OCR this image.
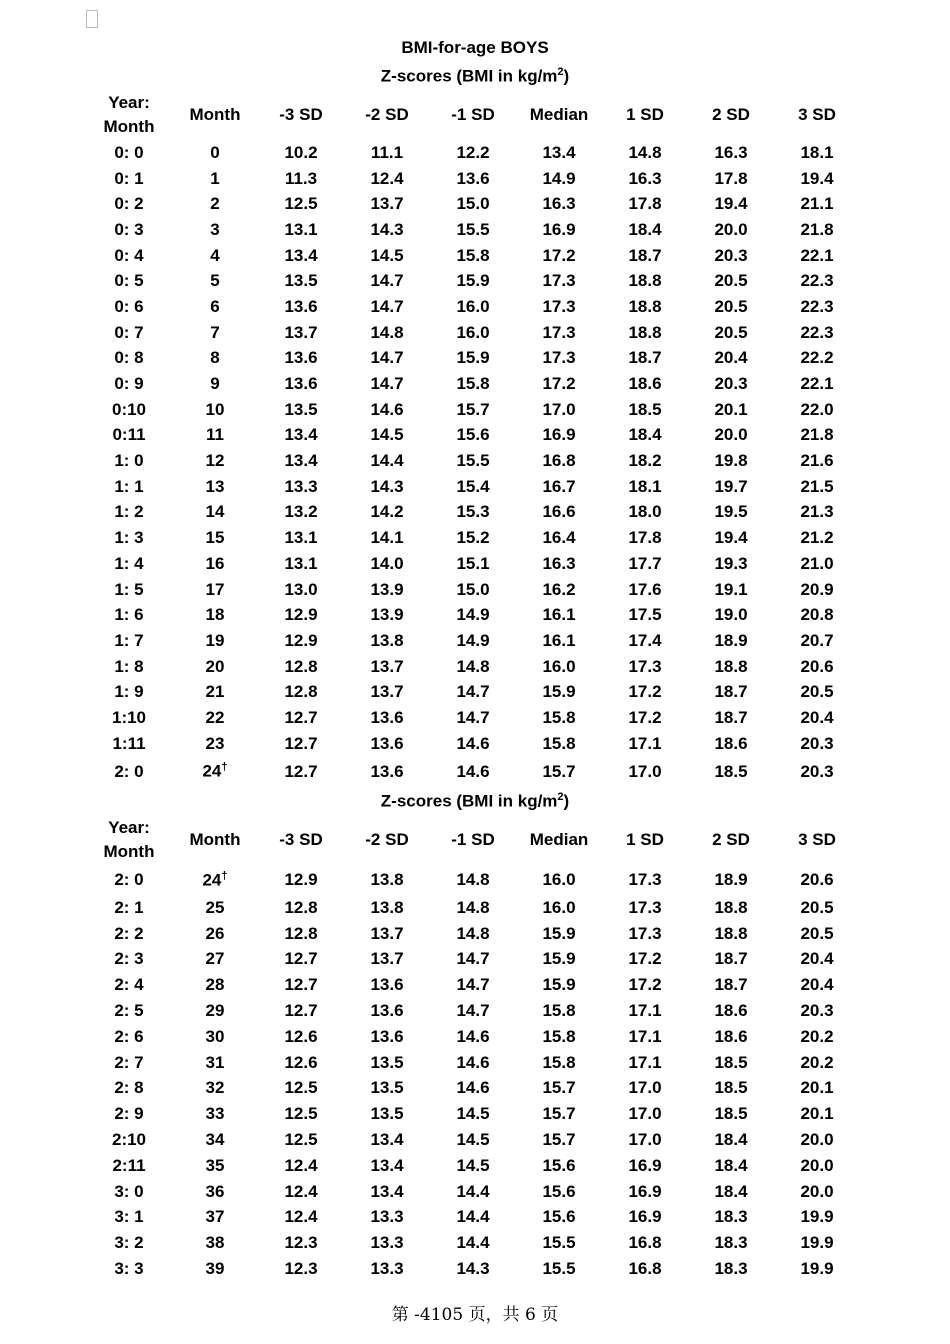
BMI-for-age BOYS
Z-scores (BMI in $kg/m^2$)
Year:
Month	Month	-3 SD	-2 SD	-1 SD	Median	1 SD	2 SD	3 SD
0: 0	0	10.2	11.1	12.2	13.4	14.8	16.3	18.1
0: 1	1	11.3	12.4	13.6	14.9	16.3	17.8	19.4
0: 2	2	12.5	13.7	15.0	16.3	17.8	19.4	21.1
0: 3	3	13.1	14.3	15.5	16.9	18.4	20.0	21.8
0: 4	4	13.4	14.5	15.8	17.2	18.7	20.3	22.1
0: 5	5	13.5	14.7	15.9	17.3	18.8	20.5	22.3
0: 6	6	13.6	14.7	16.0	17.3	18.8	20.5	22.3
0: 7	7	13.7	14.8	16.0	17.3	18.8	20.5	22.3
0: 8	8	13.6	14.7	15.9	17.3	18.7	20.4	22.2
0: 9	9	13.6	14.7	15.8	17.2	18.6	20.3	22.1
0:10	10	13.5	14.6	15.7	17.0	18.5	20.1	22.0
0:11	11	13.4	14.5	15.6	16.9	18.4	20.0	21.8
1: 0	12	13.4	14.4	15.5	16.8	18.2	19.8	21.6
1: 1	13	13.3	14.3	15.4	16.7	18.1	19.7	21.5
1: 2	14	13.2	14.2	15.3	16.6	18.0	19.5	21.3
1: 3	15	13.1	14.1	15.2	16.4	17.8	19.4	21.2
1: 4	16	13.1	14.0	15.1	16.3	17.7	19.3	21.0
1: 5	17	13.0	13.9	15.0	16.2	17.6	19.1	20.9
1: 6	18	12.9	13.9	14.9	16.1	17.5	19.0	20.8
1: 7	19	12.9	13.8	14.9	16.1	17.4	18.9	20.7
1: 8	20	12.8	13.7	14.8	16.0	17.3	18.8	20.6
1: 9	21	12.8	13.7	14.7	15.9	17.2	18.7	20.5
1:10	22	12.7	13.6	14.7	15.8	17.2	18.7	20.4
1:11	23	12.7	13.6	14.6	15.8	17.1	18.6	20.3
2: 0	24†	12.7	13.6	14.6	15.7	17.0	18.5	20.3
Z-scores (BMI in $kg/m^2$)
Year:
Month	Month	-3 SD	-2 SD	-1 SD	Median	1 SD	2 SD	3 SD
2: 0	24†	12.9	13.8	14.8	16.0	17.3	18.9	20.6
2: 1	25	12.8	13.8	14.8	16.0	17.3	18.8	20.5
2: 2	26	12.8	13.7	14.8	15.9	17.3	18.8	20.5
2: 3	27	12.7	13.7	14.7	15.9	17.2	18.7	20.4
2: 4	28	12.7	13.6	14.7	15.9	17.2	18.7	20.4
2: 5	29	12.7	13.6	14.7	15.8	17.1	18.6	20.3
2: 6	30	12.6	13.6	14.6	15.8	17.1	18.6	20.2
2: 7	31	12.6	13.5	14.6	15.8	17.1	18.5	20.2
2: 8	32	12.5	13.5	14.6	15.7	17.0	18.5	20.1
2: 9	33	12.5	13.5	14.5	15.7	17.0	18.5	20.1
2:10	34	12.5	13.4	14.5	15.7	17.0	18.4	20.0
2:11	35	12.4	13.4	14.5	15.6	16.9	18.4	20.0
3: 0	36	12.4	13.4	14.4	15.6	16.9	18.4	20.0
3: 1	37	12.4	13.3	14.4	15.6	16.9	18.3	19.9
3: 2	38	12.3	13.3	14.4	15.5	16.8	18.3	19.9
3: 3	39	12.3	13.3	14.3	15.5	16.8	18.3	19.9
第 -4105 页，共 6 页
